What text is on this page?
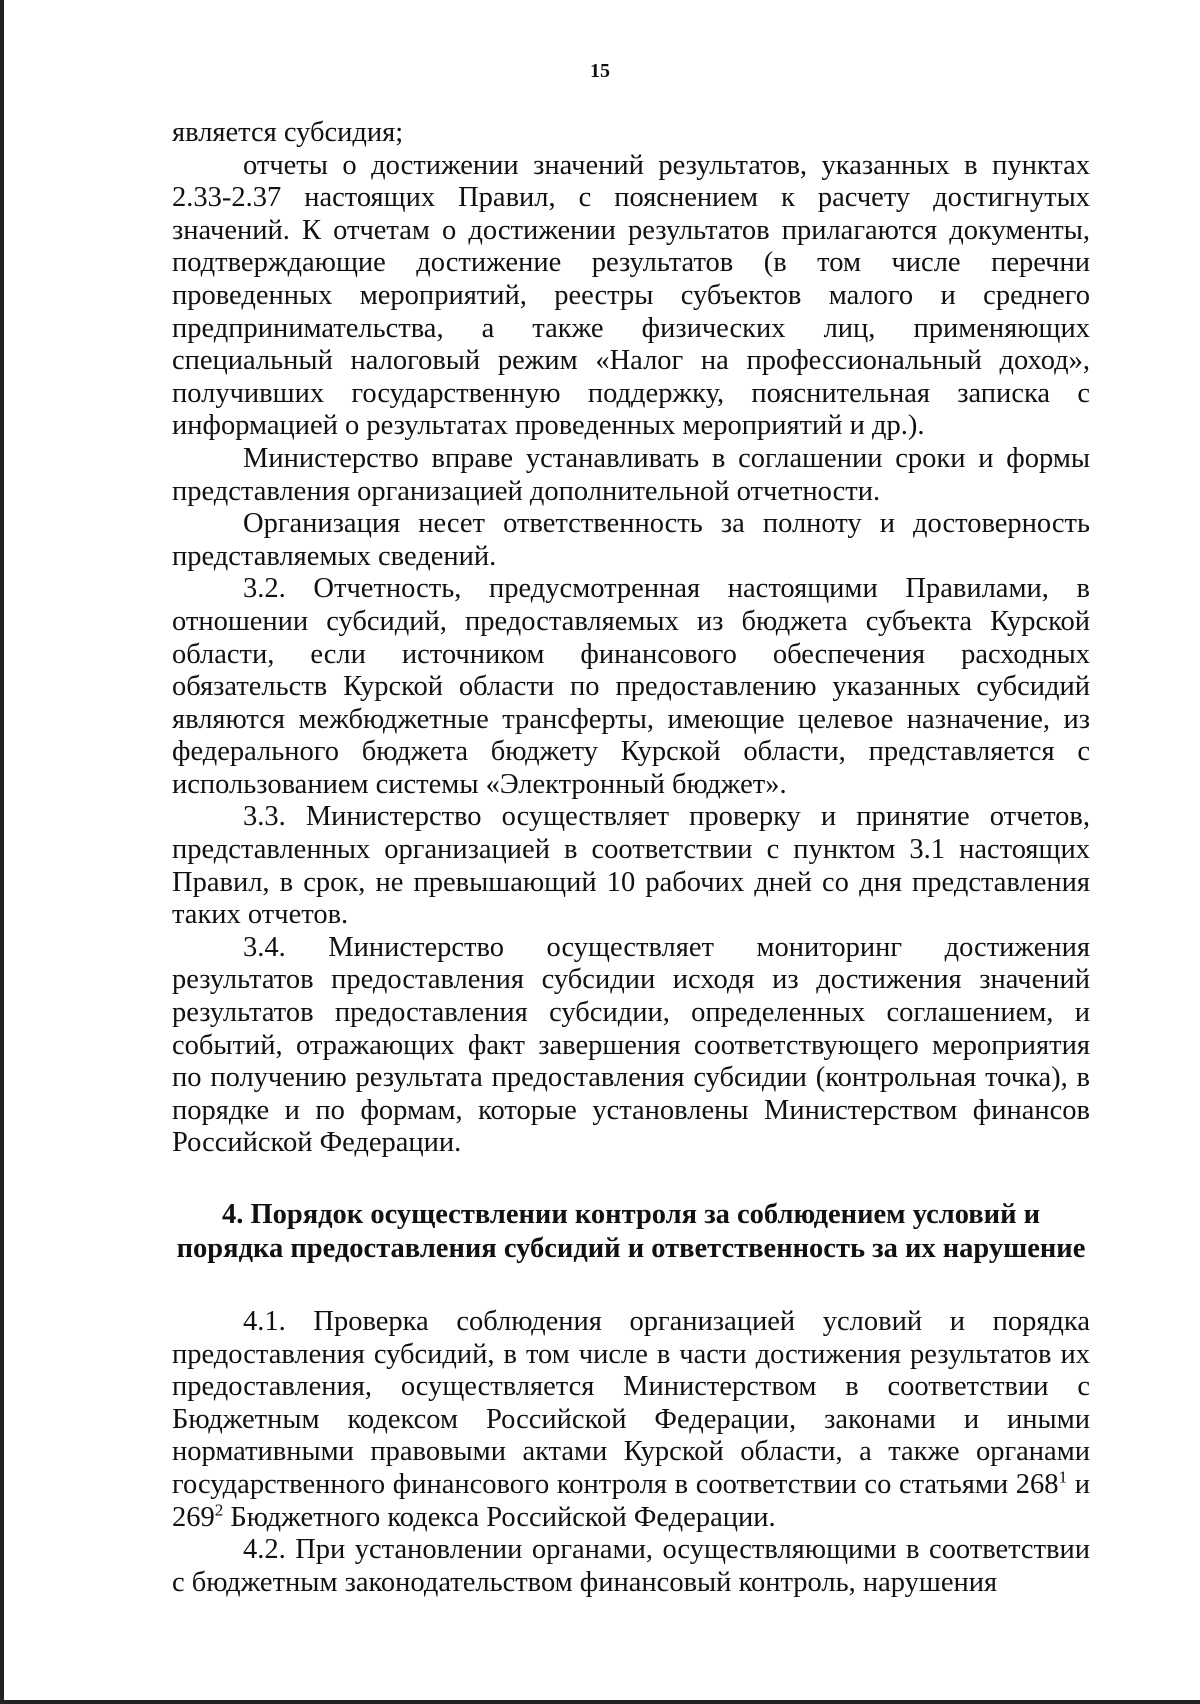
15

является субсидия;

отчеты о достижении значений результатов, указанных в пунктах 2.33-2.37 настоящих Правил, с пояснением к расчету достигнутых значений. К отчетам о достижении результатов прилагаются документы, подтверждающие достижение результатов (в том числе перечни проведенных мероприятий, реестры субъектов малого и среднего предпринимательства, а также физических лиц, применяющих специальный налоговый режим «Налог на профессиональный доход», получивших государственную поддержку, пояснительная записка с информацией о результатах проведенных мероприятий и др.).

Министерство вправе устанавливать в соглашении сроки и формы представления организацией дополнительной отчетности.

Организация несет ответственность за полноту и достоверность представляемых сведений.

3.2. Отчетность, предусмотренная настоящими Правилами, в отношении субсидий, предоставляемых из бюджета субъекта Курской области, если источником финансового обеспечения расходных обязательств Курской области по предоставлению указанных субсидий являются межбюджетные трансферты, имеющие целевое назначение, из федерального бюджета бюджету Курской области, представляется с использованием системы «Электронный бюджет».

3.3. Министерство осуществляет проверку и принятие отчетов, представленных организацией в соответствии с пунктом 3.1 настоящих Правил, в срок, не превышающий 10 рабочих дней со дня представления таких отчетов.

3.4. Министерство осуществляет мониторинг достижения результатов предоставления субсидии исходя из достижения значений результатов предоставления субсидии, определенных соглашением, и событий, отражающих факт завершения соответствующего мероприятия по получению результата предоставления субсидии (контрольная точка), в порядке и по формам, которые установлены Министерством финансов Российской Федерации.

4. Порядок осуществлении контроля за соблюдением условий и
порядка предоставления субсидий и ответственность за их нарушение

4.1. Проверка соблюдения организацией условий и порядка предоставления субсидий, в том числе в части достижения результатов их предоставления, осуществляется Министерством в соответствии с Бюджетным кодексом Российской Федерации, законами и иными нормативными правовыми актами Курской области, а также органами государственного финансового контроля в соответствии со статьями $268^1$ и $269^2$ Бюджетного кодекса Российской Федерации.

4.2. При установлении органами, осуществляющими в соответствии с бюджетным законодательством финансовый контроль, нарушения
